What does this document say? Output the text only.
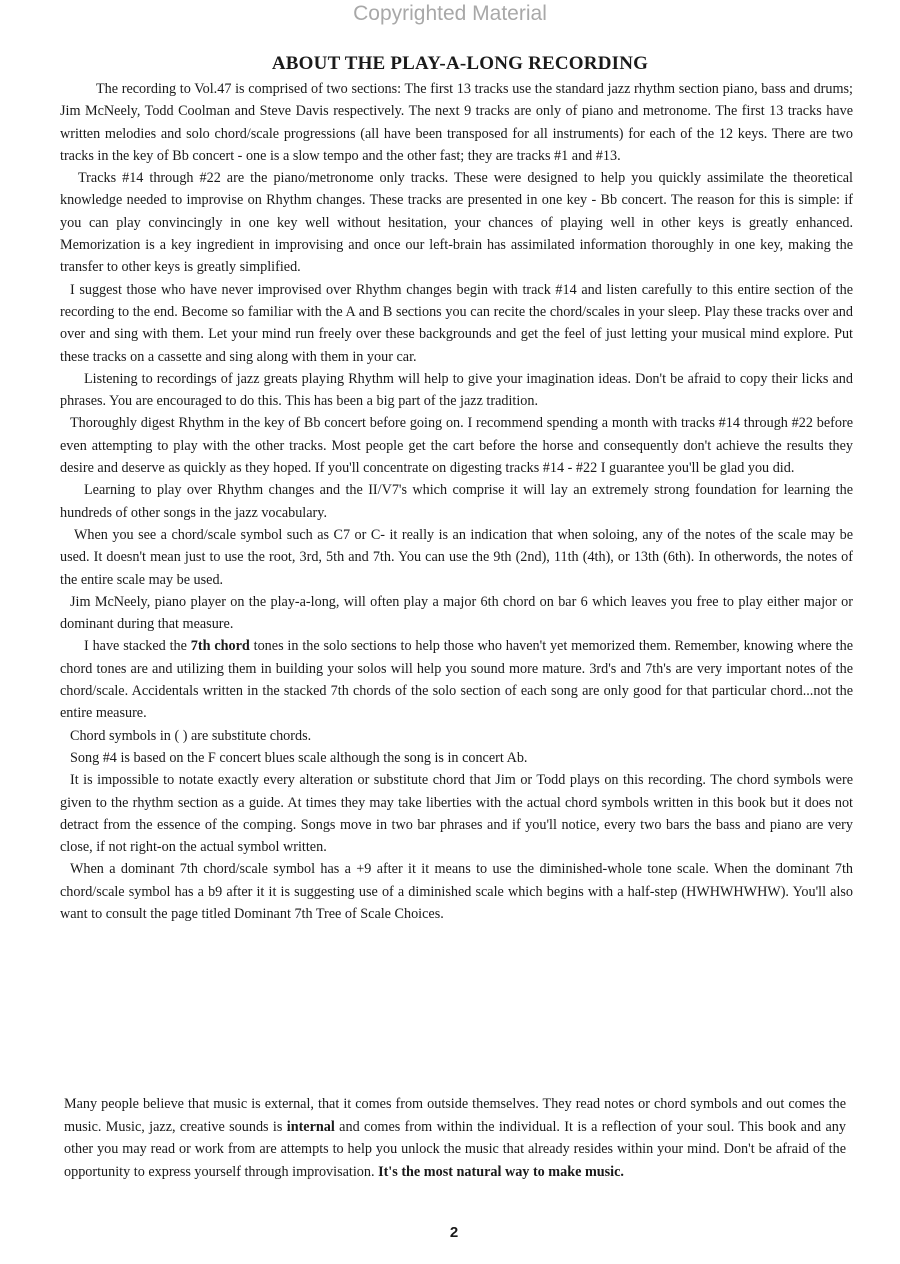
Copyrighted Material
ABOUT THE PLAY-A-LONG RECORDING

The recording to Vol.47 is comprised of two sections: The first 13 tracks use the standard jazz rhythm section piano, bass and drums; Jim McNeely, Todd Coolman and Steve Davis respectively. The next 9 tracks are only of piano and metronome. The first 13 tracks have written melodies and solo chord/scale progressions (all have been transposed for all instruments) for each of the 12 keys. There are two tracks in the key of Bb concert - one is a slow tempo and the other fast; they are tracks #1 and #13.

Tracks #14 through #22 are the piano/metronome only tracks. These were designed to help you quickly assimilate the theoretical knowledge needed to improvise on Rhythm changes. These tracks are presented in one key - Bb concert. The reason for this is simple: if you can play convincingly in one key well without hesitation, your chances of playing well in other keys is greatly enhanced. Memorization is a key ingredient in improvising and once our left-brain has assimilated information thoroughly in one key, making the transfer to other keys is greatly simplified.

I suggest those who have never improvised over Rhythm changes begin with track #14 and listen carefully to this entire section of the recording to the end. Become so familiar with the A and B sections you can recite the chord/scales in your sleep. Play these tracks over and over and sing with them. Let your mind run freely over these backgrounds and get the feel of just letting your musical mind explore. Put these tracks on a cassette and sing along with them in your car.

Listening to recordings of jazz greats playing Rhythm will help to give your imagination ideas. Don't be afraid to copy their licks and phrases. You are encouraged to do this. This has been a big part of the jazz tradition.

Thoroughly digest Rhythm in the key of Bb concert before going on. I recommend spending a month with tracks #14 through #22 before even attempting to play with the other tracks. Most people get the cart before the horse and consequently don't achieve the results they desire and deserve as quickly as they hoped. If you'll concentrate on digesting tracks #14 - #22 I guarantee you'll be glad you did.

Learning to play over Rhythm changes and the II/V7's which comprise it will lay an extremely strong foundation for learning the hundreds of other songs in the jazz vocabulary.

When you see a chord/scale symbol such as C7 or C- it really is an indication that when soloing, any of the notes of the scale may be used. It doesn't mean just to use the root, 3rd, 5th and 7th. You can use the 9th (2nd), 11th (4th), or 13th (6th). In otherwords, the notes of the entire scale may be used.

Jim McNeely, piano player on the play-a-long, will often play a major 6th chord on bar 6 which leaves you free to play either major or dominant during that measure.

I have stacked the 7th chord tones in the solo sections to help those who haven't yet memorized them. Remember, knowing where the chord tones are and utilizing them in building your solos will help you sound more mature. 3rd's and 7th's are very important notes of the chord/scale. Accidentals written in the stacked 7th chords of the solo section of each song are only good for that particular chord...not the entire measure.

Chord symbols in ( ) are substitute chords.

Song #4 is based on the F concert blues scale although the song is in concert Ab.

It is impossible to notate exactly every alteration or substitute chord that Jim or Todd plays on this recording. The chord symbols were given to the rhythm section as a guide. At times they may take liberties with the actual chord symbols written in this book but it does not detract from the essence of the comping. Songs move in two bar phrases and if you'll notice, every two bars the bass and piano are very close, if not right-on the actual symbol written.

When a dominant 7th chord/scale symbol has a +9 after it it means to use the diminished-whole tone scale. When the dominant 7th chord/scale symbol has a b9 after it it is suggesting use of a diminished scale which begins with a half-step (HWHWHWHW). You'll also want to consult the page titled Dominant 7th Tree of Scale Choices.

Many people believe that music is external, that it comes from outside themselves. They read notes or chord symbols and out comes the music. Music, jazz, creative sounds is internal and comes from within the individual. It is a reflection of your soul. This book and any other you may read or work from are attempts to help you unlock the music that already resides within your mind. Don't be afraid of the opportunity to express yourself through improvisation. It's the most natural way to make music.

2
